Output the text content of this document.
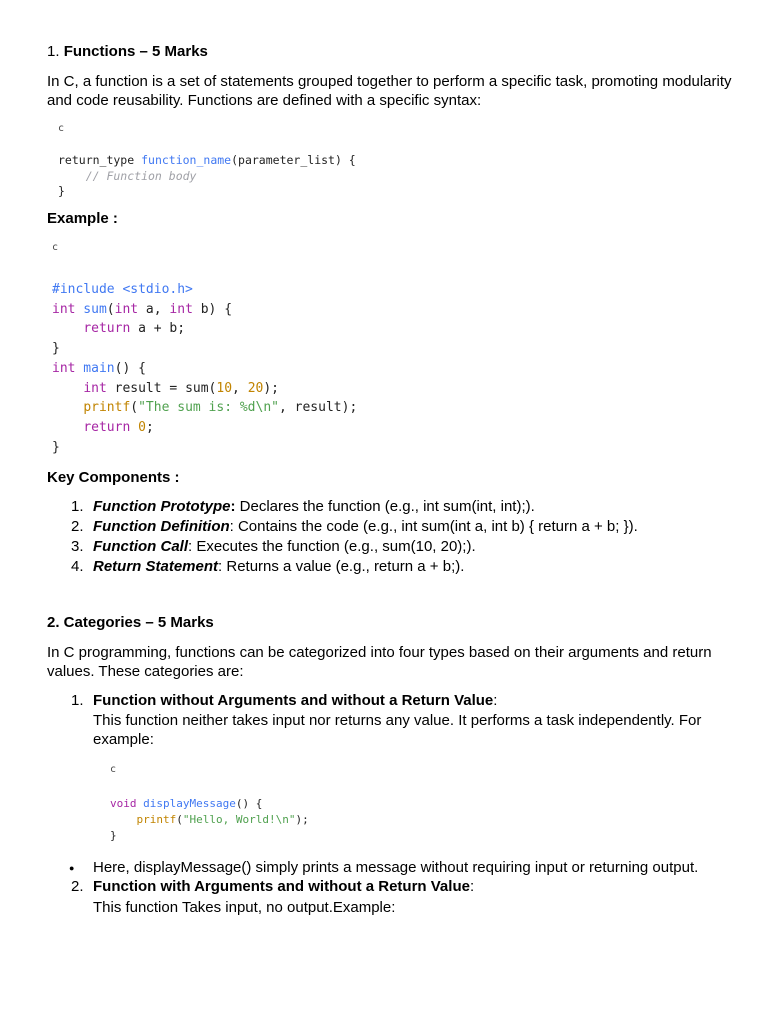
1. Functions – 5 Marks
In C, a function is a set of statements grouped together to perform a specific task, promoting modularity and code reusability. Functions are defined with a specific syntax:
c
return_type function_name(parameter_list) {
// Function body
}
Example :
c
#include <stdio.h>
int sum(int a, int b) {
return a + b;
}
int main() {
int result = sum(10, 20);
printf("The sum is: %d\n", result);
return 0;
}
Key Components :
1. Function Prototype: Declares the function (e.g., int sum(int, int);).
2. Function Definition: Contains the code (e.g., int sum(int a, int b) { return a + b; }).
3. Function Call: Executes the function (e.g., sum(10, 20);).
4. Return Statement: Returns a value (e.g., return a + b;).
2. Categories – 5 Marks
In C programming, functions can be categorized into four types based on their arguments and return values. These categories are:
1. Function without Arguments and without a Return Value:
This function neither takes input nor returns any value. It performs a task independently. For example:
c
void displayMessage() {
printf("Hello, World!\n");
}
● Here, displayMessage() simply prints a message without requiring input or returning output.
2. Function with Arguments and without a Return Value:
This function Takes input, no output.Example:
